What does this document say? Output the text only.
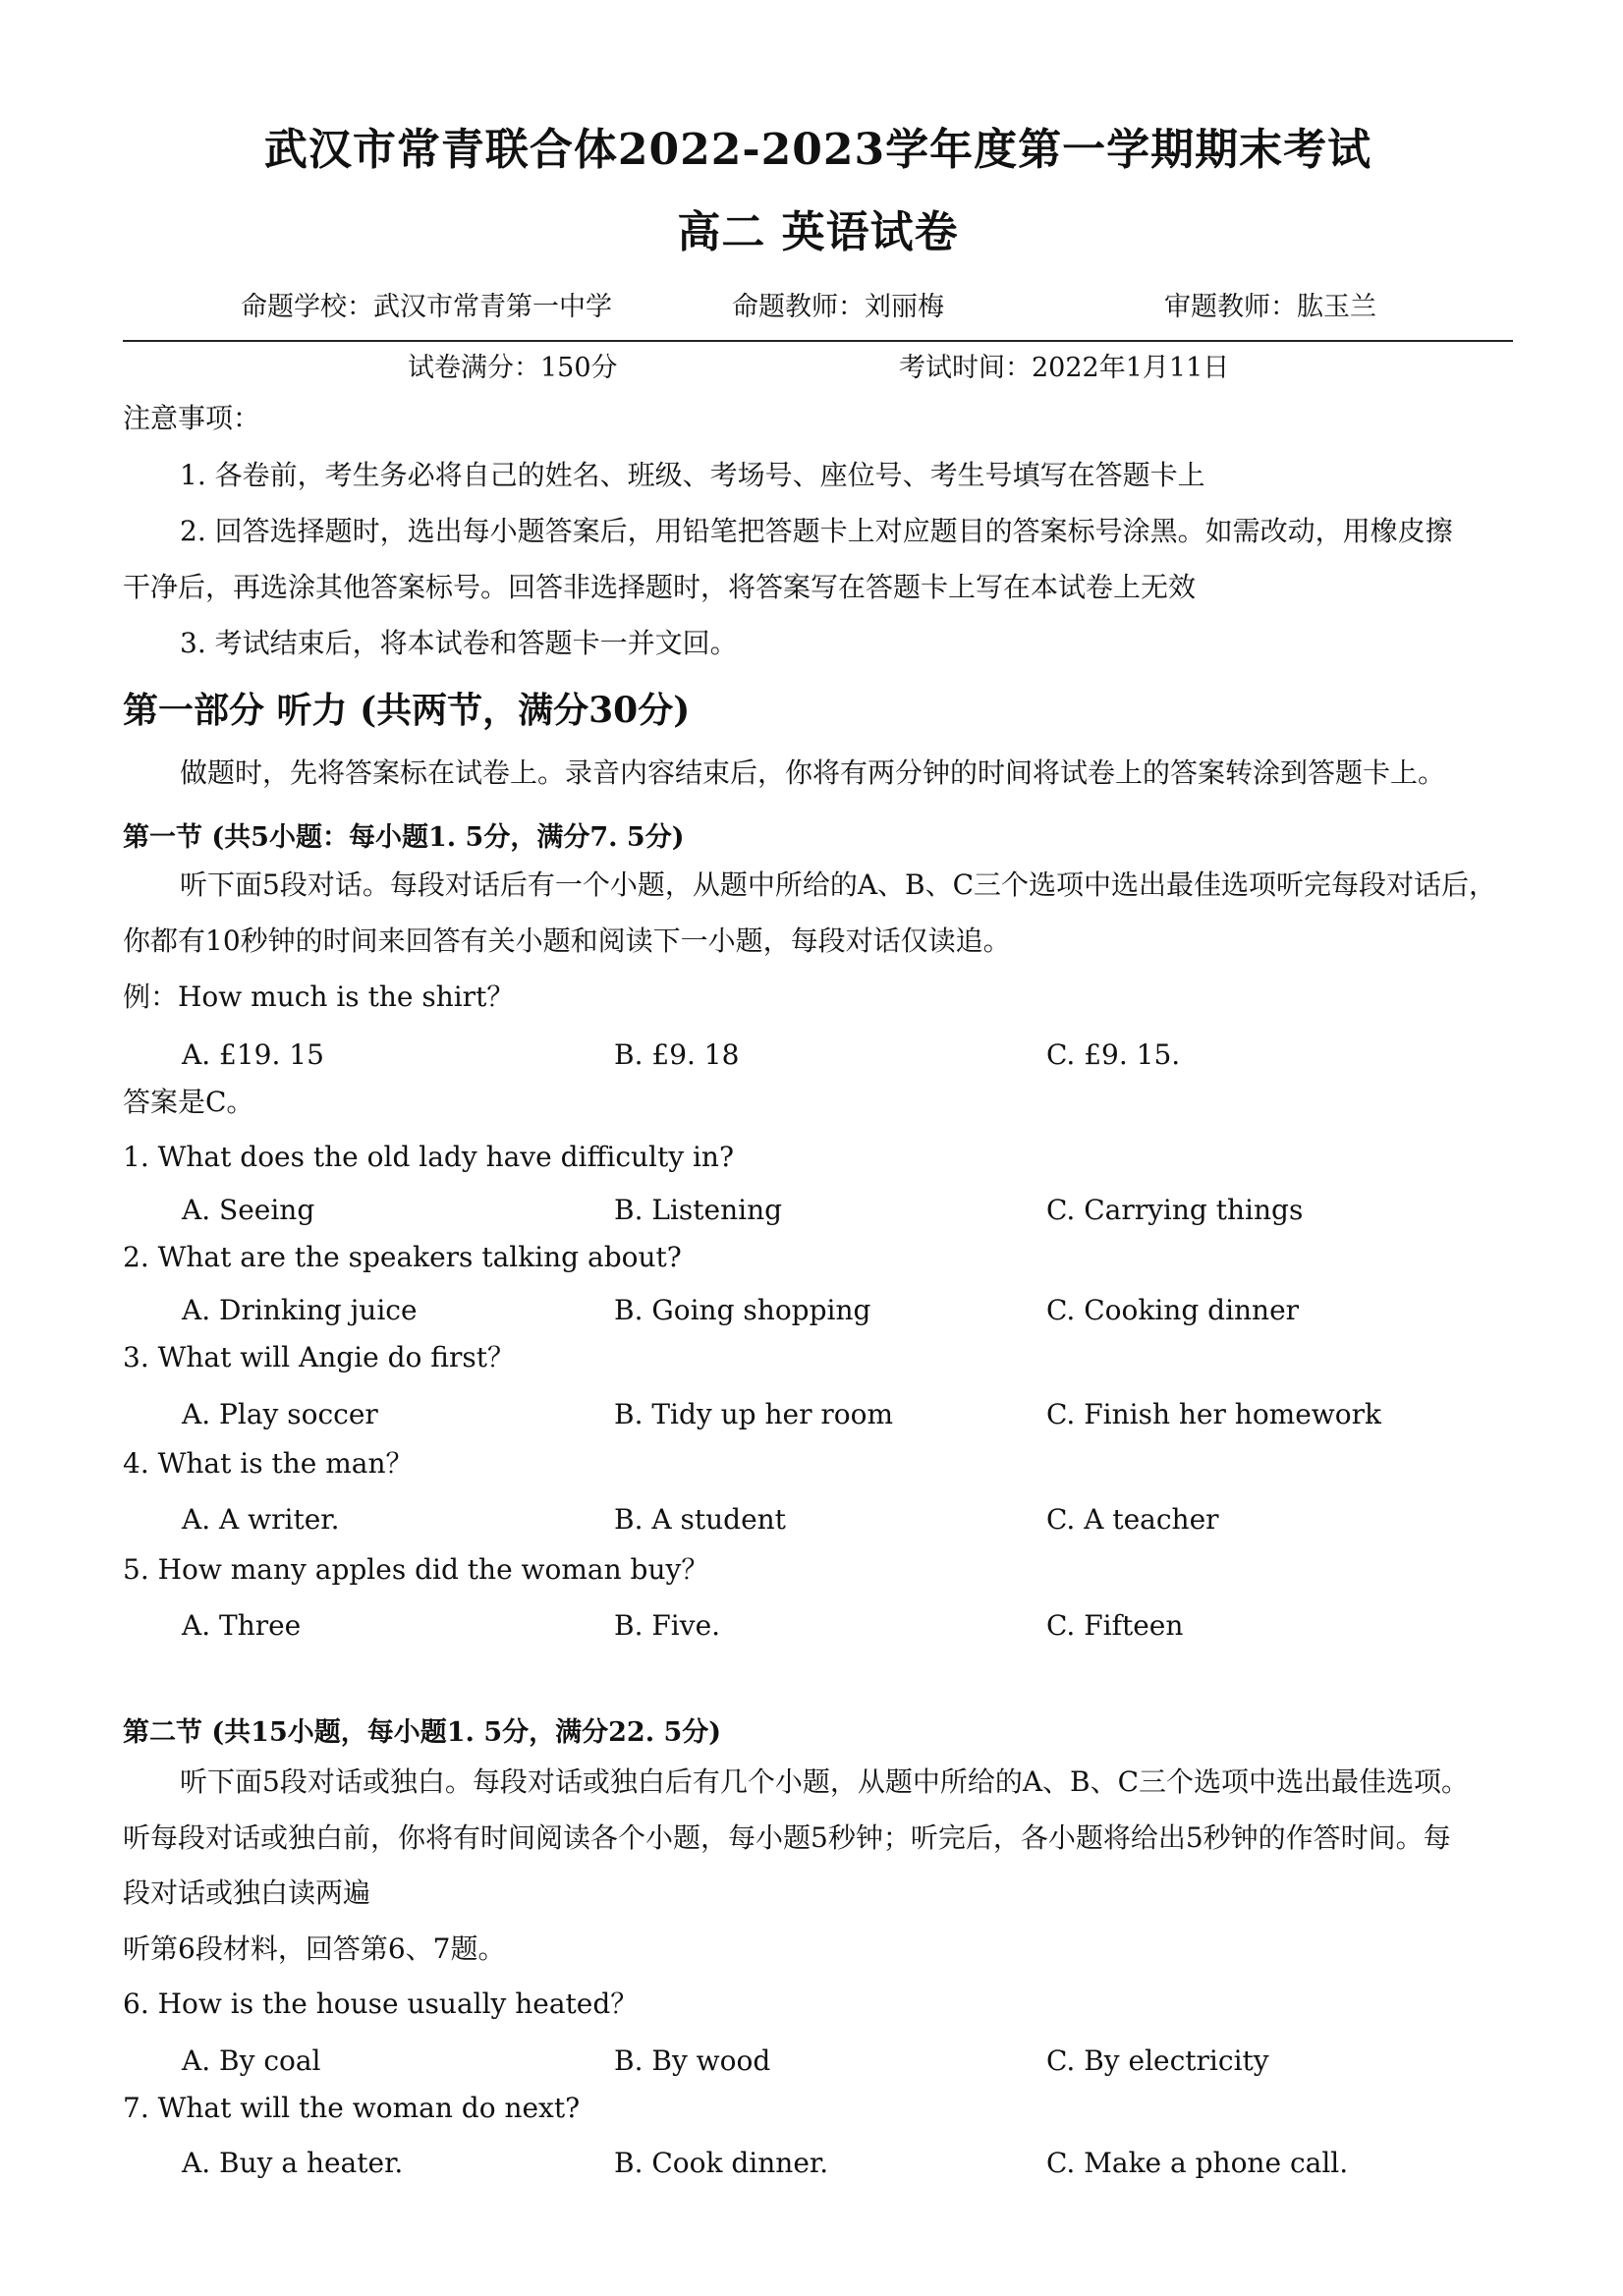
武汉市常青联合体2022-2023学年度第一学期期末考试
高二 英语试卷
命题学校：武汉市常青第一中学	命题教师：刘丽梅	审题教师：肱玉兰
试卷满分：150分	考试时间：2022年1月11日
注意事项：
1. 各卷前，考生务必将自己的姓名、班级、考场号、座位号、考生号填写在答题卡上
2. 回答选择题时，选出每小题答案后，用铅笔把答题卡上对应题目的答案标号涂黑。如需改动，用橡皮擦
干净后，再选涂其他答案标号。回答非选择题时，将答案写在答题卡上写在本试卷上无效
3. 考试结束后，将本试卷和答题卡一并文回。
第一部分 听力 (共两节，满分30分)
做题时，先将答案标在试卷上。录音内容结束后，你将有两分钟的时间将试卷上的答案转涂到答题卡上。
第一节 (共5小题：每小题1. 5分，满分7. 5分)
听下面5段对话。每段对话后有一个小题，从题中所给的A、B、C三个选项中选出最佳选项听完每段对话后，
你都有10秒钟的时间来回答有关小题和阅读下一小题，每段对话仅读追。
例：How much is the shirt？
A. £19. 15	B. £9. 18	C. £9. 15.
答案是C。
1. What does the old lady have difficulty in?
A. Seeing	B. Listening	C. Carrying things
2. What are the speakers talking about?
A. Drinking juice	B. Going shopping	C. Cooking dinner
3. What will Angie do first？
A. Play soccer	B. Tidy up her room	C. Finish her homework
4. What is the man？
A. A writer.	B. A student	C. A teacher
5. How many apples did the woman buy？
A. Three	B. Five.	C. Fifteen
第二节 (共15小题，每小题1. 5分，满分22. 5分)
听下面5段对话或独白。每段对话或独白后有几个小题，从题中所给的A、B、C三个选项中选出最佳选项。
听每段对话或独白前，你将有时间阅读各个小题，每小题5秒钟；听完后，各小题将给出5秒钟的作答时间。每
段对话或独白读两遍
听第6段材料，回答第6、7题。
6. How is the house usually heated？
A. By coal	B. By wood	C. By electricity
7. What will the woman do next?
A. Buy a heater.	B. Cook dinner.	C. Make a phone call.
